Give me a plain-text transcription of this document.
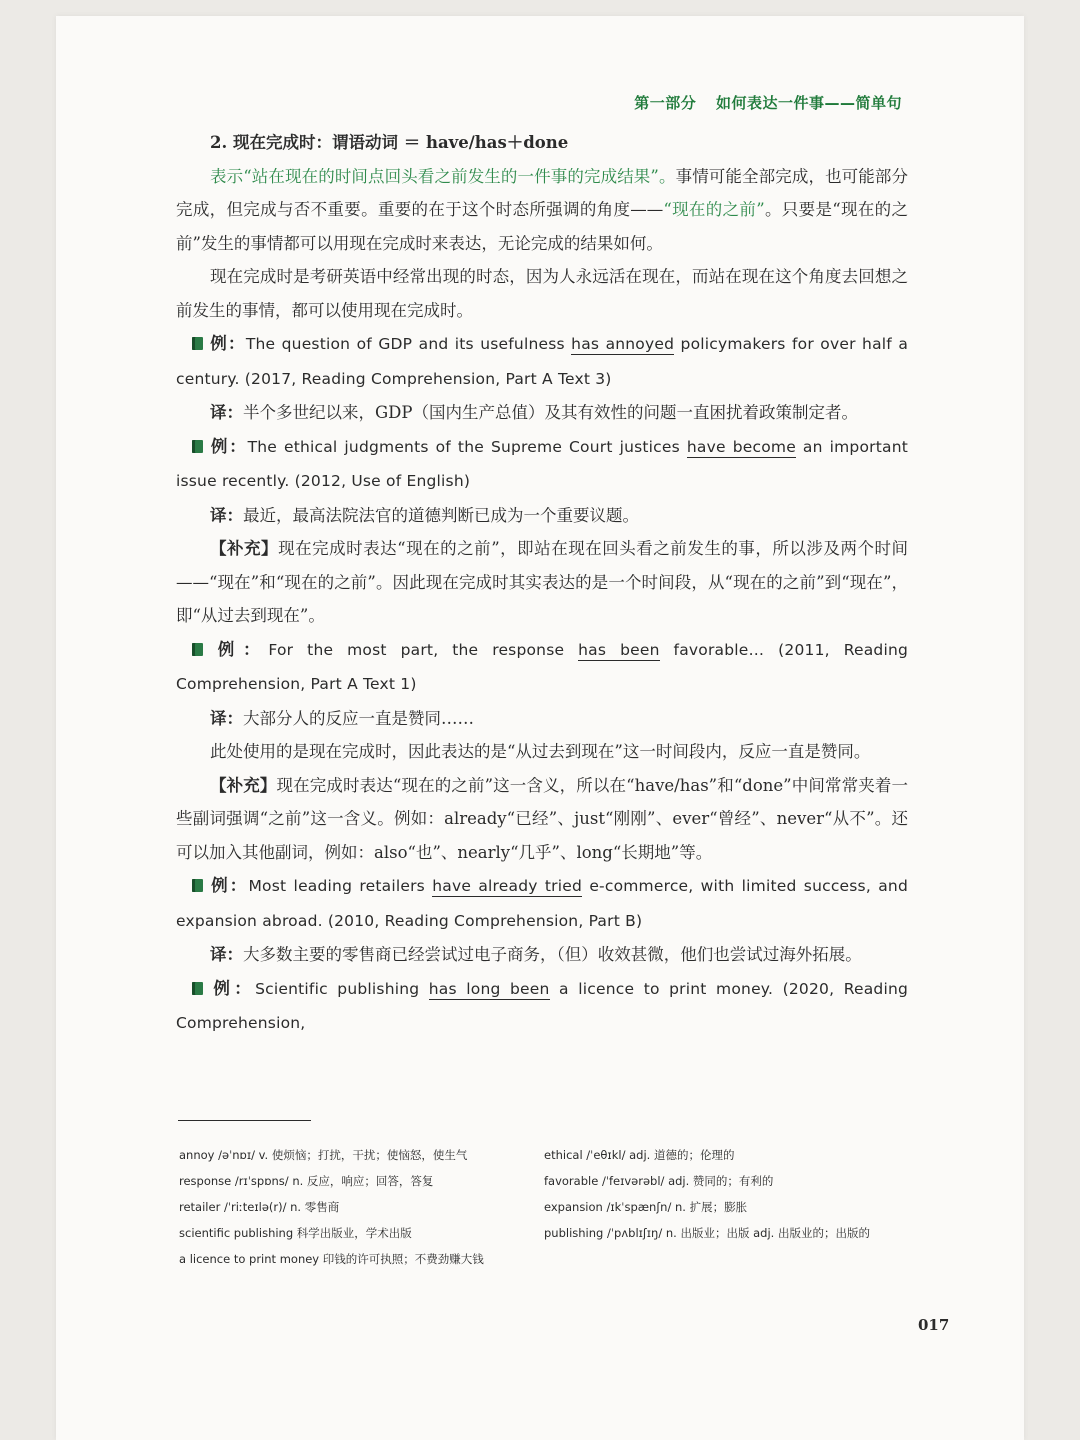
第一部分 如何表达一件事——简单句

2. 现在完成时：谓语动词 ＝ have/has＋done

表示“站在现在的时间点回头看之前发生的一件事的完成结果”。事情可能全部完成，也可能部分完成，但完成与否不重要。重要的在于这个时态所强调的角度——“现在的之前”。只要是“现在的之前”发生的事情都可以用现在完成时来表达，无论完成的结果如何。

现在完成时是考研英语中经常出现的时态，因为人永远活在现在，而站在现在这个角度去回想之前发生的事情，都可以使用现在完成时。

例：The question of GDP and its usefulness has annoyed policymakers for over half a century. (2017, Reading Comprehension, Part A Text 3)

译：半个多世纪以来，GDP（国内生产总值）及其有效性的问题一直困扰着政策制定者。

例：The ethical judgments of the Supreme Court justices have become an important issue recently. (2012, Use of English)

译：最近，最高法院法官的道德判断已成为一个重要议题。

【补充】现在完成时表达“现在的之前”，即站在现在回头看之前发生的事，所以涉及两个时间——“现在”和“现在的之前”。因此现在完成时其实表达的是一个时间段，从“现在的之前”到“现在”，即“从过去到现在”。

例：For the most part, the response has been favorable… (2011, Reading Comprehension, Part A Text 1)

译：大部分人的反应一直是赞同……

此处使用的是现在完成时，因此表达的是“从过去到现在”这一时间段内，反应一直是赞同。

【补充】现在完成时表达“现在的之前”这一含义，所以在“have/has”和“done”中间常常夹着一些副词强调“之前”这一含义。例如：already“已经”、just“刚刚”、ever“曾经”、never“从不”。还可以加入其他副词，例如：also“也”、nearly“几乎”、long“长期地”等。

例：Most leading retailers have already tried e-commerce, with limited success, and expansion abroad. (2010, Reading Comprehension, Part B)

译：大多数主要的零售商已经尝试过电子商务，（但）收效甚微，他们也尝试过海外拓展。

例：Scientific publishing has long been a licence to print money. (2020, Reading Comprehension,

annoy /əˈnɒɪ/ v. 使烦恼；打扰，干扰；使恼怒，使生气
response /rɪˈspɒns/ n. 反应，响应；回答，答复
retailer /ˈriːteɪlə(r)/ n. 零售商
scientific publishing 科学出版业，学术出版
a licence to print money 印钱的许可执照；不费劲赚大钱
ethical /ˈeθɪkl/ adj. 道德的；伦理的
favorable /ˈfeɪvərəbl/ adj. 赞同的；有利的
expansion /ɪkˈspænʃn/ n. 扩展；膨胀
publishing /ˈpʌblɪʃɪŋ/ n. 出版业；出版 adj. 出版业的；出版的
017
